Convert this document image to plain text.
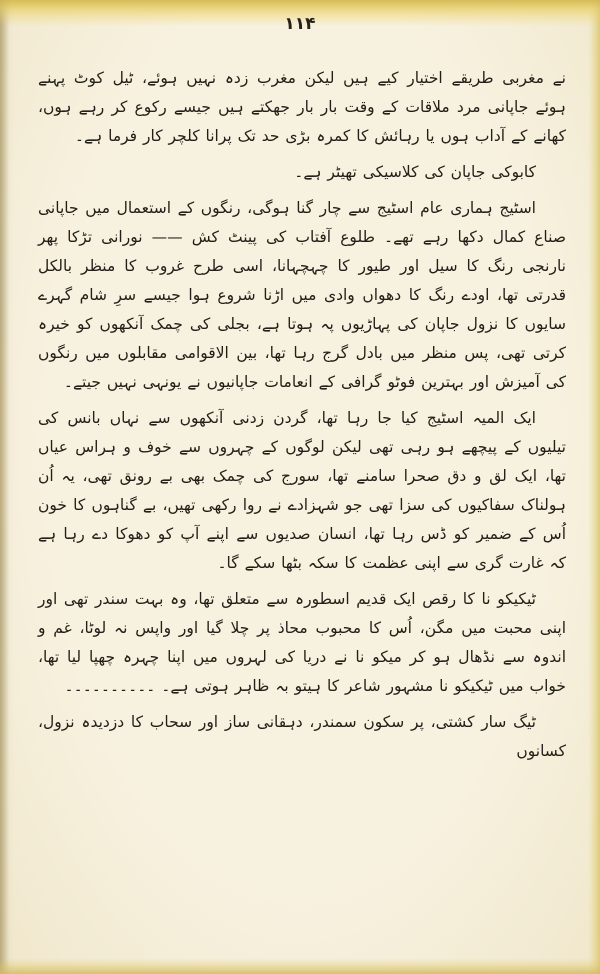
۱۱۴

نے مغربی طریقے اختیار کیے ہیں لیکن مغرب زدہ نہیں ہوئے، ٹیل کوٹ پہنے ہوئے جاپانی مرد ملاقات کے وقت بار بار جھکتے ہیں جیسے رکوع کر رہے ہوں، کھانے کے آداب ہوں یا رہائش کا کمرہ بڑی حد تک پرانا کلچر کار فرما ہے۔

کابوکی جاپان کی کلاسیکی تھیٹر ہے۔

اسٹیج ہماری عام اسٹیج سے چار گنا ہوگی، رنگوں کے استعمال میں جاپانی صناع کمال دکھا رہے تھے۔ طلوع آفتاب کی پینٹ کش —— نورانی تڑکا پھر نارنجی رنگ کا سیل اور طیور کا چہچہانا، اسی طرح غروب کا منظر بالکل قدرتی تھا، اودے رنگ کا دھواں وادی میں اڑنا شروع ہوا جیسے سرِ شام گہرے سایوں کا نزول جاپان کی پہاڑیوں پہ ہوتا ہے، بجلی کی چمک آنکھوں کو خیرہ کرتی تھی، پس منظر میں بادل گرج رہا تھا، بین الاقوامی مقابلوں میں رنگوں کی آمیزش اور بہترین فوٹو گرافی کے انعامات جاپانیوں نے یونہی نہیں جیتے۔

ایک المیہ اسٹیج کیا جا رہا تھا، گردن زدنی آنکھوں سے نہاں بانس کی تیلیوں کے پیچھے ہو رہی تھی لیکن لوگوں کے چہروں سے خوف و ہراس عیاں تھا، ایک لق و دق صحرا سامنے تھا، سورج کی چمک بھی بے رونق تھی، یہ اُن ہولناک سفاکیوں کی سزا تھی جو شہزادے نے روا رکھی تھیں، بے گناہوں کا خون اُس کے ضمیر کو ڈس رہا تھا، انسان صدیوں سے اپنے آپ کو دھوکا دے رہا ہے کہ غارت گری سے اپنی عظمت کا سکہ بٹھا سکے گا۔

ٹیکیکو نا کا رقص ایک قدیم اسطورہ سے متعلق تھا، وہ بہت سندر تھی اور اپنی محبت میں مگن، اُس کا محبوب محاذ پر چلا گیا اور واپس نہ لوٹا، غم و اندوہ سے نڈھال ہو کر میکو نا نے دریا کی لہروں میں اپنا چہرہ چھپا لیا تھا، خواب میں ٹیکیکو نا مشہور شاعر کا ہیتو بہ ظاہر ہوتی ہے۔ ۔۔۔۔۔۔۔۔۔۔

ٹیگ سار کشتی، پر سکون سمندر، دہقانی ساز اور سحاب کا دزدیدہ نزول، کسانوں
